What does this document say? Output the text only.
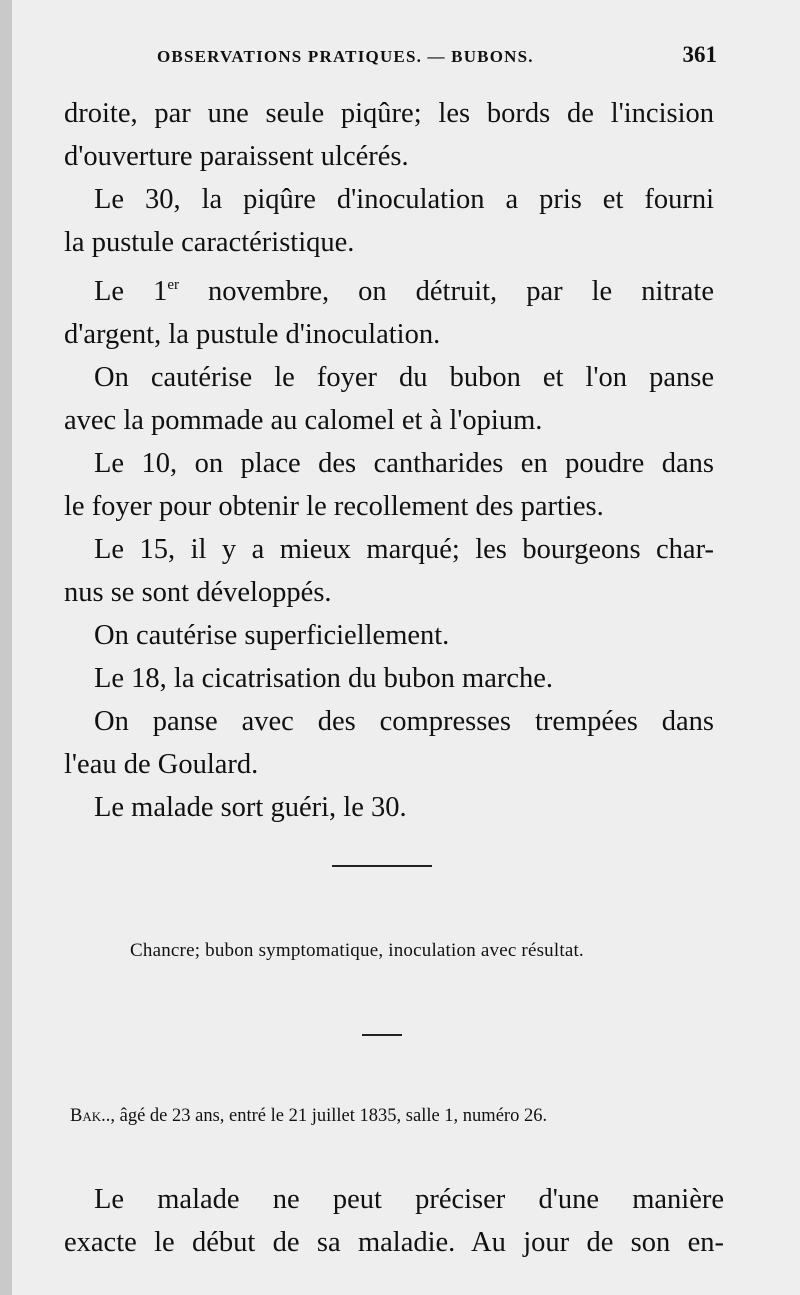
OBSERVATIONS PRATIQUES. — BUBONS.	361

droite, par une seule piqûre; les bords de l'incision

d'ouverture paraissent ulcérés.

Le 30, la piqûre d'inoculation a pris et fourni

la pustule caractéristique.

Le 1er novembre, on détruit, par le nitrate

d'argent, la pustule d'inoculation.

On cautérise le foyer du bubon et l'on panse

avec la pommade au calomel et à l'opium.

Le 10, on place des cantharides en poudre dans

le foyer pour obtenir le recollement des parties.

Le 15, il y a mieux marqué; les bourgeons char-

nus se sont développés.

On cautérise superficiellement.

Le 18, la cicatrisation du bubon marche.

On panse avec des compresses trempées dans

l'eau de Goulard.

Le malade sort guéri, le 30.

Chancre; bubon symptomatique, inoculation avec résultat.
Bak.., âgé de 23 ans, entré le 21 juillet 1835, salle 1, numéro 26.

Le malade ne peut préciser d'une manière

exacte le début de sa maladie. Au jour de son en-
